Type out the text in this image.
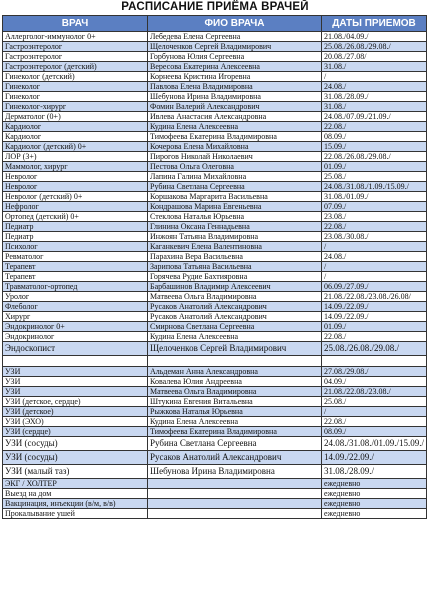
РАСПИСАНИЕ ПРИЁМА ВРАЧЕЙ
ВРАЧ	ФИО ВРАЧА	ДАТЫ ПРИЕМОВ
Аллерголог-иммунолог 0+	Лебедева Елена Сергеевна	21.08./04.09./
Гастроэнтеролог	Щелоченков Сергей Владимирович	25.08./26.08./29.08./
Гастроэнтеролог	Горбунова Юлия Сергеевна	20.08./27.08/
Гастроэнтеролог (детский)	Вересова Екатерина Алексеевна	31.08./
Гинеколог (детский)	Корнеева Кристина Игоревна	/
Гинеколог	Павлова Елена Владимировна	24.08./
Гинеколог	Шебунова Ирина Владимировна	31.08./28.09./
Гинеколог-хирург	Фомин Валерий Александрович	31.08./
Дерматолог (0+)	Ивлева Анастасия Александровна	24.08./07.09./21.09./
Кардиолог	Кудина Елена Алексеевна	22.08./
Кардиолог	Тимофеева Екатерина Владимировна	08.09./
Кардиолог (детский) 0+	Кочерова Елена Михайловна	15.09./
ЛОР (3+)	Пирогов Николай Николаевич	22.08./26.08./29.08./
Маммолог, хирург	Пестова Ольга Олеговна	01.09./
Невролог	Лапина Галина Михайловна	25.08./
Невролог	Рубина Светлана Сергеевна	24.08./31.08./1.09./15.09./
Невролог (детский) 0+	Коршакова Маргарита Васильевна	31.08./01.09./
Нефролог	Кондрашова Марина Евгеньевна	07.09./
Ортопед (детский) 0+	Стеклова Наталья Юрьевна	23.08./
Педиатр	Глинина Оксана Геннадьевна	22.08./
Педиатр	Инжоян Татьяна Владимировна	23.08./30.08./
Психолог	Каганкевич Елена Валентиновна	/
Ревматолог	Парахина Вера Васильевна	24.08./
Терапевт	Зарипова Татьяна Васильевна	/
Терапевт	Горячева Рудие Бахтияровна	/
Травматолог-ортопед	Барбашинов Владимир Алексеевич	06.09./27.09./
Уролог	Матвеева Ольга Владимировна	21.08./22.08./23.08./26.08/
Флеболог	Русаков Анатолий Александрович	14.09./22.09./
Хирург	Русаков Анатолий Александрович	14.09./22.09./
Эндокринолог 0+	Смирнова Светлана Сергеевна	01.09./
Эндокринолог	Кудина Елена Алексеевна	22.08./
Эндоскопист	Щелоченков Сергей Владимирович	25.08./26.08./29.08./

УЗИ	Альдеман Анна Александровна	27.08./29.08./
УЗИ	Ковалева Юлия Андреевна	04.09./
УЗИ	Матвеева Ольга Владимировна	21.08./22.08./23.08./
УЗИ (детское, сердце)	Штукина Евгения Витальевна	25.08./
УЗИ (детское)	Рыжкова Наталья Юрьевна	/
УЗИ (ЭХО)	Кудина Елена Алексеевна	22.08./
УЗИ (сердце)	Тимофеева Екатерина Владимировна	08.09./
УЗИ (сосуды)	Рубина Светлана Сергеевна	24.08./31.08./01.09./15.09./
УЗИ (сосуды)	Русаков Анатолий Александрович	14.09./22.09./
УЗИ (малый таз)	Шебунова Ирина Владимировна	31.08./28.09./
ЭКГ / ХОЛТЕР		ежедневно
Выезд на дом		ежедневно
Вакцинация, инъекции (в/м, в/в)		ежедневно
Прокалывание ушей		ежедневно
